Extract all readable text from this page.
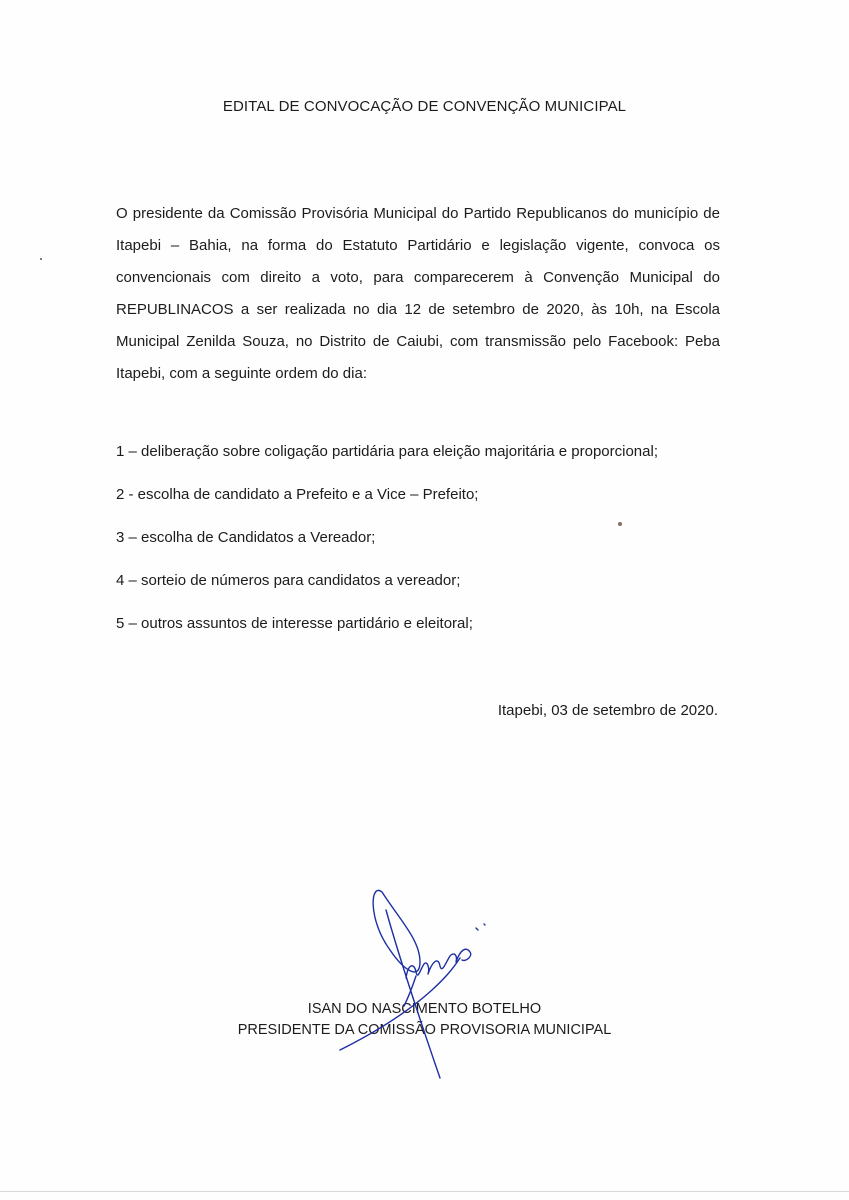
EDITAL DE CONVOCAÇÃO DE CONVENÇÃO MUNICIPAL
O presidente da Comissão Provisória Municipal do Partido Republicanos do município de Itapebi – Bahia, na forma do Estatuto Partidário e legislação vigente, convoca os convencionais com direito a voto, para comparecerem à Convenção Municipal do REPUBLINACOS a ser realizada no dia 12 de setembro de 2020, às 10h, na Escola Municipal Zenilda Souza, no Distrito de Caiubi, com transmissão pelo Facebook: Peba Itapebi, com a seguinte ordem do dia:
1 – deliberação sobre coligação partidária para eleição majoritária e proporcional;
2 - escolha de candidato a Prefeito e a Vice – Prefeito;
3 – escolha de Candidatos a Vereador;
4 – sorteio de números para candidatos a vereador;
5 – outros assuntos de interesse partidário e eleitoral;
Itapebi, 03 de setembro de 2020.
ISAN DO NASCIMENTO BOTELHO
PRESIDENTE DA COMISSÃO PROVISORIA MUNICIPAL
